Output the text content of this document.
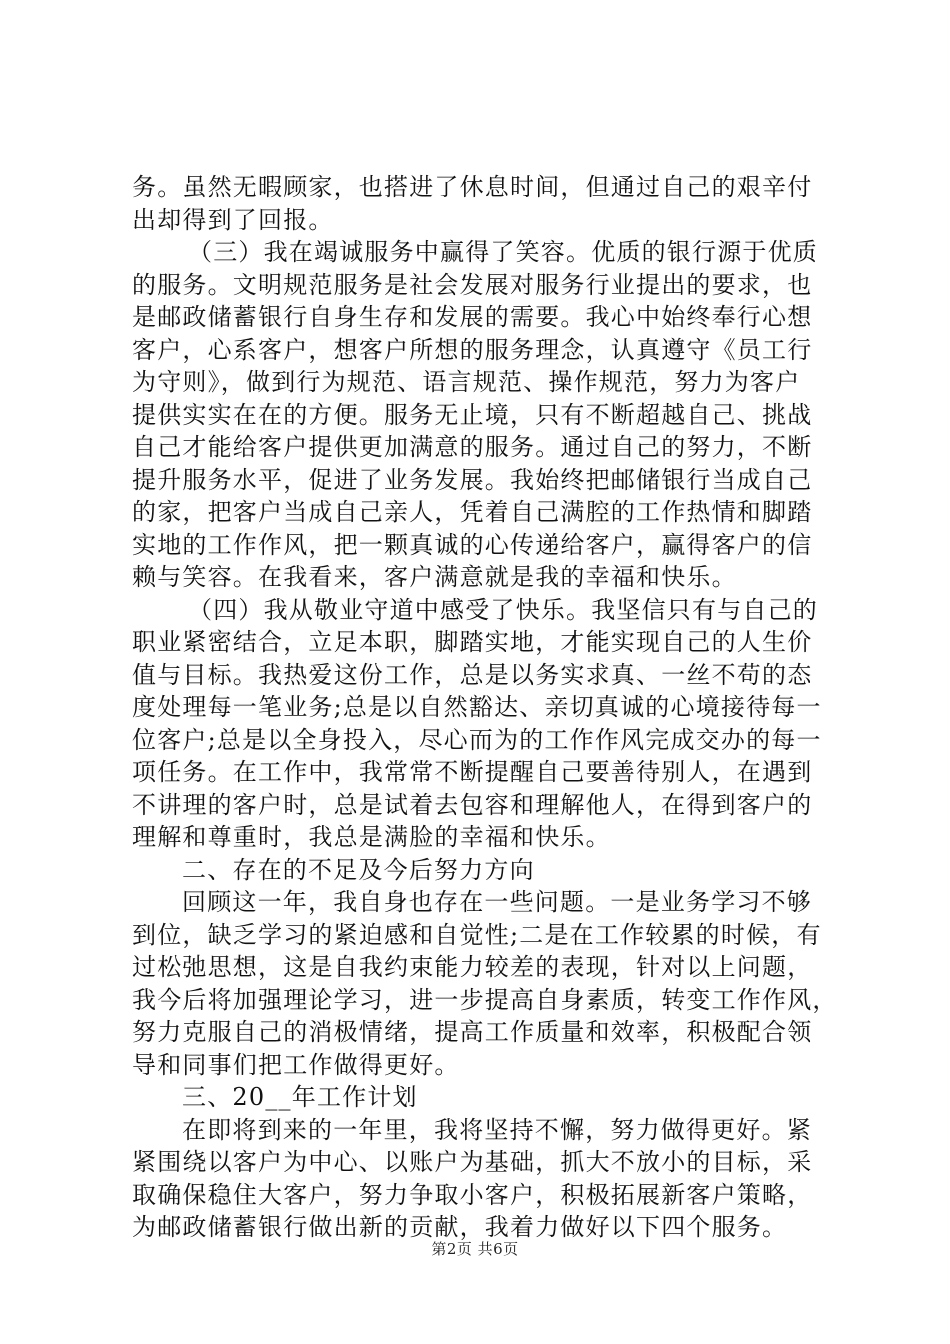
务。虽然无暇顾家，也搭进了休息时间，但通过自己的艰辛付
出却得到了回报。
（三）我在竭诚服务中赢得了笑容。优质的银行源于优质
的服务。文明规范服务是社会发展对服务行业提出的要求，也
是邮政储蓄银行自身生存和发展的需要。我心中始终奉行心想
客户，心系客户，想客户所想的服务理念，认真遵守《员工行
为守则》，做到行为规范、语言规范、操作规范，努力为客户
提供实实在在的方便。服务无止境，只有不断超越自己、挑战
自己才能给客户提供更加满意的服务。通过自己的努力，不断
提升服务水平，促进了业务发展。我始终把邮储银行当成自己
的家，把客户当成自己亲人，凭着自己满腔的工作热情和脚踏
实地的工作作风，把一颗真诚的心传递给客户，赢得客户的信
赖与笑容。在我看来，客户满意就是我的幸福和快乐。
（四）我从敬业守道中感受了快乐。我坚信只有与自己的
职业紧密结合，立足本职，脚踏实地，才能实现自己的人生价
值与目标。我热爱这份工作，总是以务实求真、一丝不苟的态
度处理每一笔业务;总是以自然豁达、亲切真诚的心境接待每一
位客户;总是以全身投入，尽心而为的工作作风完成交办的每一
项任务。在工作中，我常常不断提醒自己要善待别人，在遇到
不讲理的客户时，总是试着去包容和理解他人，在得到客户的
理解和尊重时，我总是满脸的幸福和快乐。
二、存在的不足及今后努力方向
回顾这一年，我自身也存在一些问题。一是业务学习不够
到位，缺乏学习的紧迫感和自觉性;二是在工作较累的时候，有
过松弛思想，这是自我约束能力较差的表现，针对以上问题，
我今后将加强理论学习，进一步提高自身素质，转变工作作风，
努力克服自己的消极情绪，提高工作质量和效率，积极配合领
导和同事们把工作做得更好。
三、20__年工作计划
在即将到来的一年里，我将坚持不懈，努力做得更好。紧
紧围绕以客户为中心、以账户为基础，抓大不放小的目标，采
取确保稳住大客户，努力争取小客户，积极拓展新客户策略，
为邮政储蓄银行做出新的贡献，我着力做好以下四个服务。
第2页 共6页
